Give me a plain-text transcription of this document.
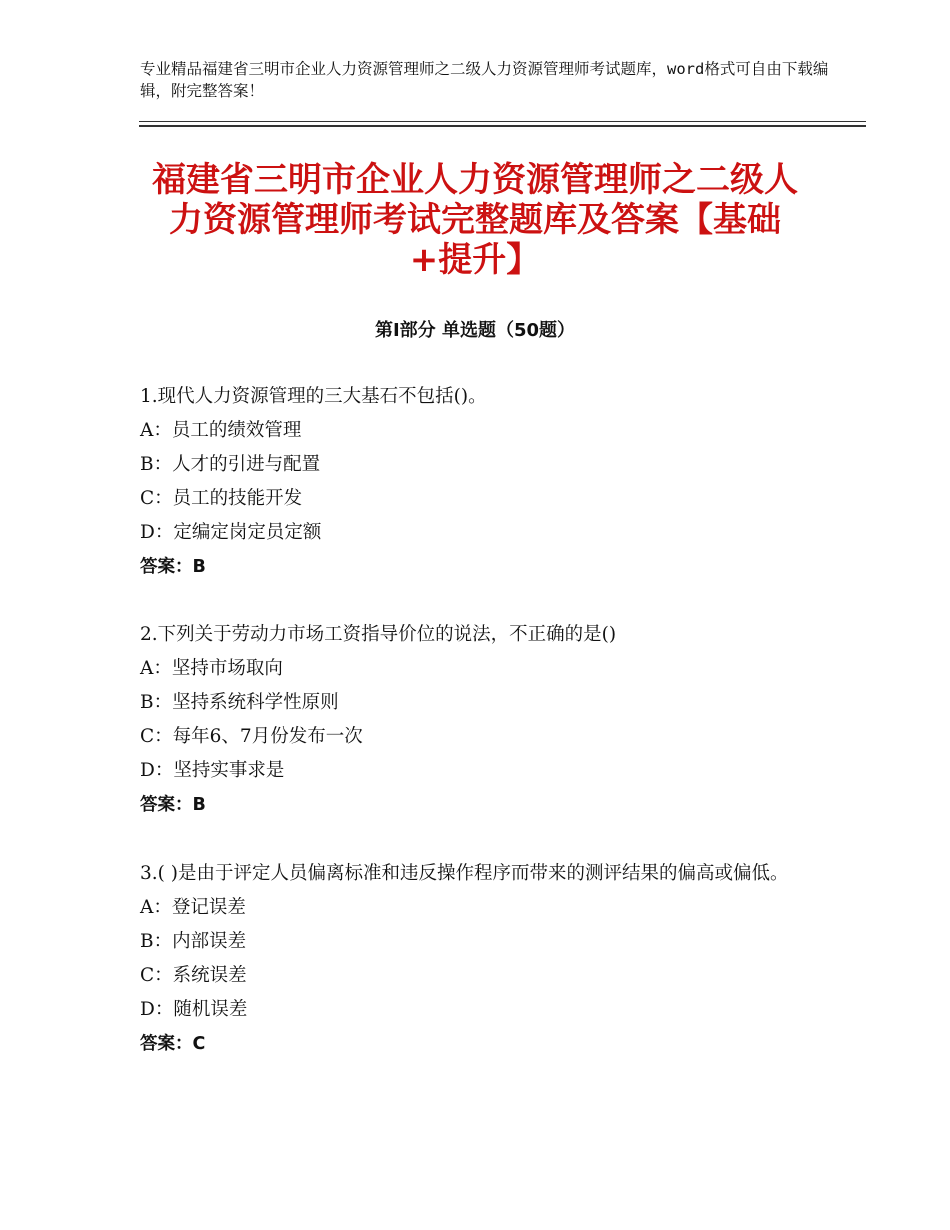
专业精品福建省三明市企业人力资源管理师之二级人力资源管理师考试题库，word格式可自由下载编辑，附完整答案！
福建省三明市企业人力资源管理师之二级人力资源管理师考试完整题库及答案【基础+提升】
第Ⅰ部分 单选题（50题）
1.现代人力资源管理的三大基石不包括()。
A：员工的绩效管理
B：人才的引进与配置
C：员工的技能开发
D：定编定岗定员定额
答案：B
2.下列关于劳动力市场工资指导价位的说法，不正确的是()
A：坚持市场取向
B：坚持系统科学性原则
C：每年6、7月份发布一次
D：坚持实事求是
答案：B
3.( )是由于评定人员偏离标准和违反操作程序而带来的测评结果的偏高或偏低。
A：登记误差
B：内部误差
C：系统误差
D：随机误差
答案：C
